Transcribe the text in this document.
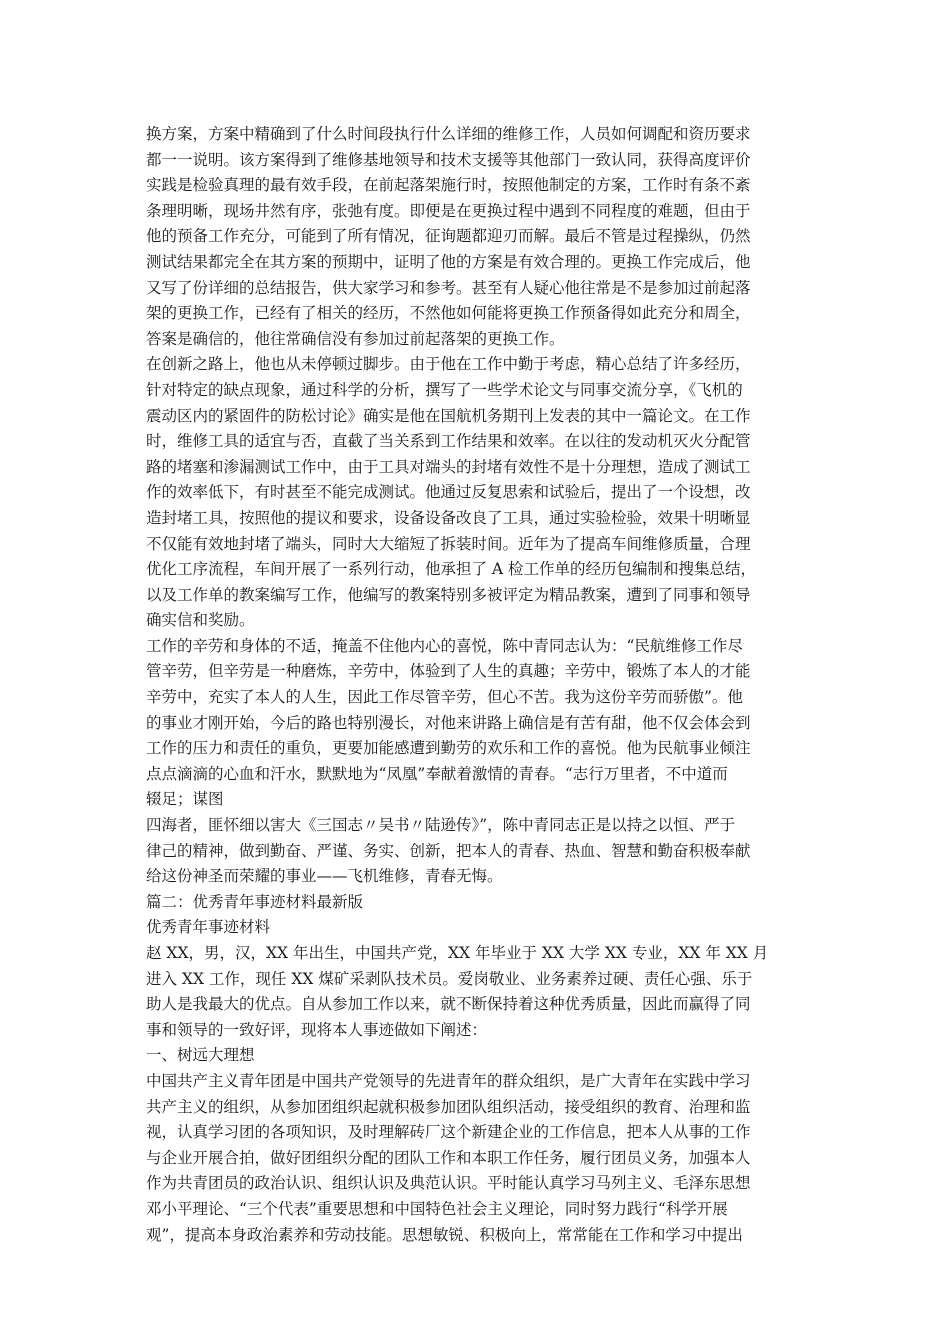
换方案，方案中精确到了什么时间段执行什么详细的维修工作，人员如何调配和资历要求
都一一说明。该方案得到了维修基地领导和技术支援等其他部门一致认同，获得高度评价
实践是检验真理的最有效手段，在前起落架施行时，按照他制定的方案，工作时有条不紊
条理明晰，现场井然有序，张弛有度。即便是在更换过程中遇到不同程度的难题，但由于
他的预备工作充分，可能到了所有情况，征询题都迎刃而解。最后不管是过程操纵，仍然
测试结果都完全在其方案的预期中，证明了他的方案是有效合理的。更换工作完成后，他
又写了份详细的总结报告，供大家学习和参考。甚至有人疑心他往常是不是参加过前起落
架的更换工作，已经有了相关的经历，不然他如何能将更换工作预备得如此充分和周全，
答案是确信的，他往常确信没有参加过前起落架的更换工作。
在创新之路上，他也从未停顿过脚步。由于他在工作中勤于考虑，精心总结了许多经历，
针对特定的缺点现象，通过科学的分析，撰写了一些学术论文与同事交流分享，《飞机的
震动区内的紧固件的防松讨论》确实是他在国航机务期刊上发表的其中一篇论文。在工作
时，维修工具的适宜与否，直截了当关系到工作结果和效率。在以往的发动机灭火分配管
路的堵塞和渗漏测试工作中，由于工具对端头的封堵有效性不是十分理想，造成了测试工
作的效率低下，有时甚至不能完成测试。他通过反复思索和试验后，提出了一个设想，改
造封堵工具，按照他的提议和要求，设备设备改良了工具，通过实验检验，效果十明晰显
不仅能有效地封堵了端头，同时大大缩短了拆装时间。近年为了提高车间维修质量，合理
优化工序流程，车间开展了一系列行动，他承担了 A 检工作单的经历包编制和搜集总结，
以及工作单的教案编写工作，他编写的教案特别多被评定为精品教案，遭到了同事和领导
确实信和奖励。
工作的辛劳和身体的不适，掩盖不住他内心的喜悦，陈中青同志认为：“民航维修工作尽
管辛劳，但辛劳是一种磨炼，辛劳中，体验到了人生的真趣；辛劳中，锻炼了本人的才能
辛劳中，充实了本人的人生，因此工作尽管辛劳，但心不苦。我为这份辛劳而骄傲”。他
的事业才刚开始，今后的路也特别漫长，对他来讲路上确信是有苦有甜，他不仅会体会到
工作的压力和责任的重负，更要加能感遭到勤劳的欢乐和工作的喜悦。他为民航事业倾注
点点滴滴的心血和汗水，默默地为“凤凰”奉献着激情的青春。“志行万里者，不中道而
辍足；谋图
四海者，匪怀细以害大《三国志〃吴书〃陆逊传》”，陈中青同志正是以持之以恒、严于
律己的精神，做到勤奋、严谨、务实、创新，把本人的青春、热血、智慧和勤奋积极奉献
给这份神圣而荣耀的事业——飞机维修，青春无悔。
篇二：优秀青年事迹材料最新版
优秀青年事迹材料
赵 XX，男，汉，XX 年出生，中国共产党，XX 年毕业于 XX 大学 XX 专业，XX 年 XX 月
进入 XX 工作，现任 XX 煤矿采剥队技术员。爱岗敬业、业务素养过硬、责任心强、乐于
助人是我最大的优点。自从参加工作以来，就不断保持着这种优秀质量，因此而赢得了同
事和领导的一致好评，现将本人事迹做如下阐述：
一、树远大理想
中国共产主义青年团是中国共产党领导的先进青年的群众组织，是广大青年在实践中学习
共产主义的组织，从参加团组织起就积极参加团队组织活动，接受组织的教育、治理和监
视，认真学习团的各项知识，及时理解砖厂这个新建企业的工作信息，把本人从事的工作
与企业开展合拍，做好团组织分配的团队工作和本职工作任务，履行团员义务，加强本人
作为共青团员的政治认识、组织认识及典范认识。平时能认真学习马列主义、毛泽东思想
邓小平理论、“三个代表”重要思想和中国特色社会主义理论，同时努力践行“科学开展
观”，提高本身政治素养和劳动技能。思想敏锐、积极向上，常常能在工作和学习中提出
